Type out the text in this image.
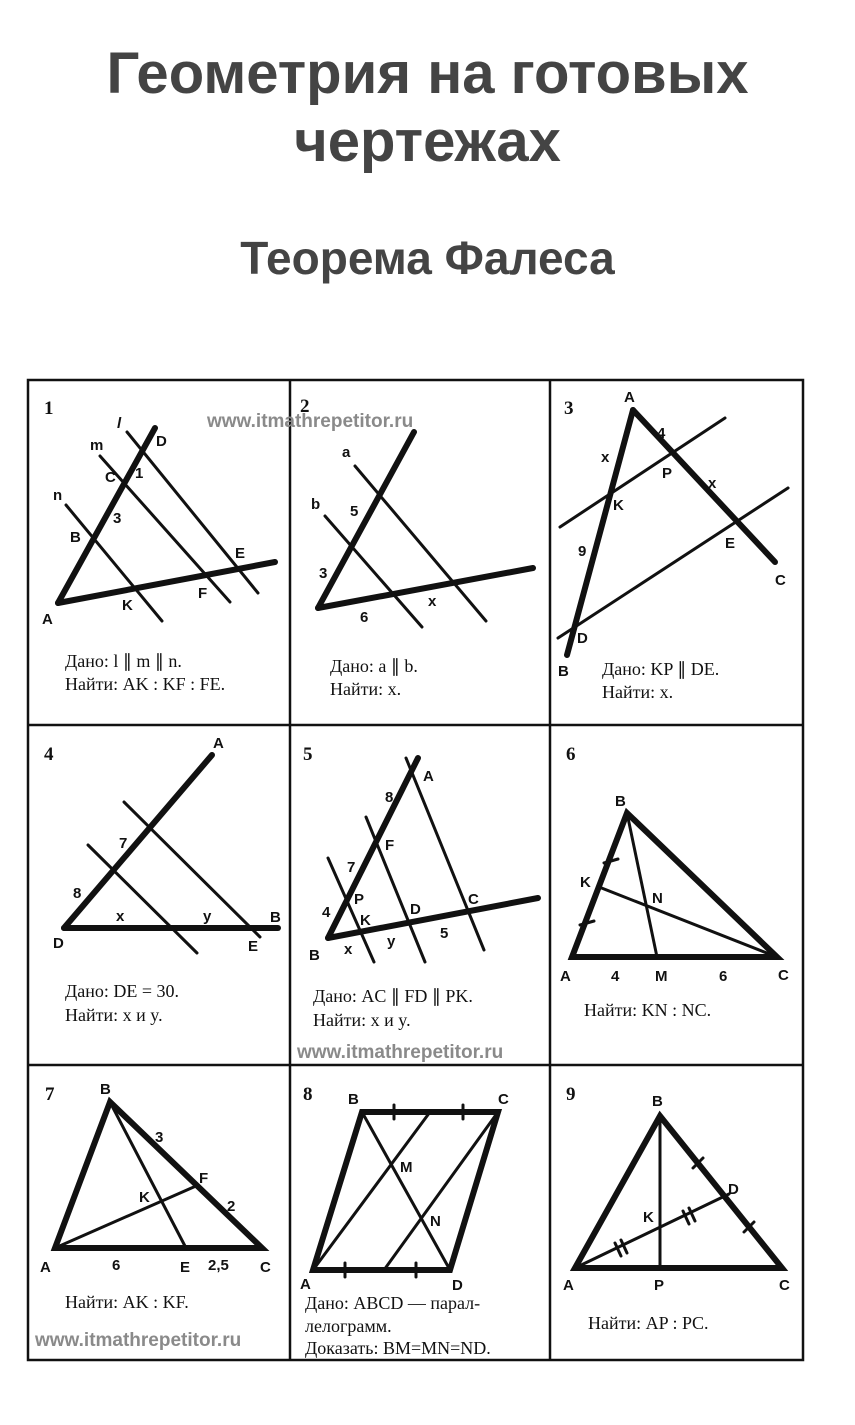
Геометрия на готовых
чертежах
Теорема Фалеса
1
l
m
n
D
C 1
3
B
E
K
F
A
Дано: l ∥ m ∥ n.
Найти: AK : KF : FE.
2
a
b 5
3
6
x
Дано: a ∥ b.
Найти: x.
www.itmathrepetitor.ru
3
A
4
x
P
x
K
E
9
C
D
B Дано: KP ∥ DE.
Найти: x.
4
A
7
8
x	y
D
B
E
Дано: DE = 30.
Найти: x и y.
5
A
8
F
7
P
4 K
D
C
B x y	5
Дано: AC ∥ FD ∥ PK.
Найти: x и y.
www.itmathrepetitor.ru
6
B
K
N
A	4 M	6	C
Найти: KN : NC.
7	B
3
F
K
2
A	6	E 2,5 C
Найти: AK : KF.
8 B	C
M
N
A	D
Дано: ABCD — парал-
лелограмм.
Доказать: BM=MN=ND.
www.itmathrepetitor.ru
9	B
D
K
A	P	C
Найти: AP : PC.
